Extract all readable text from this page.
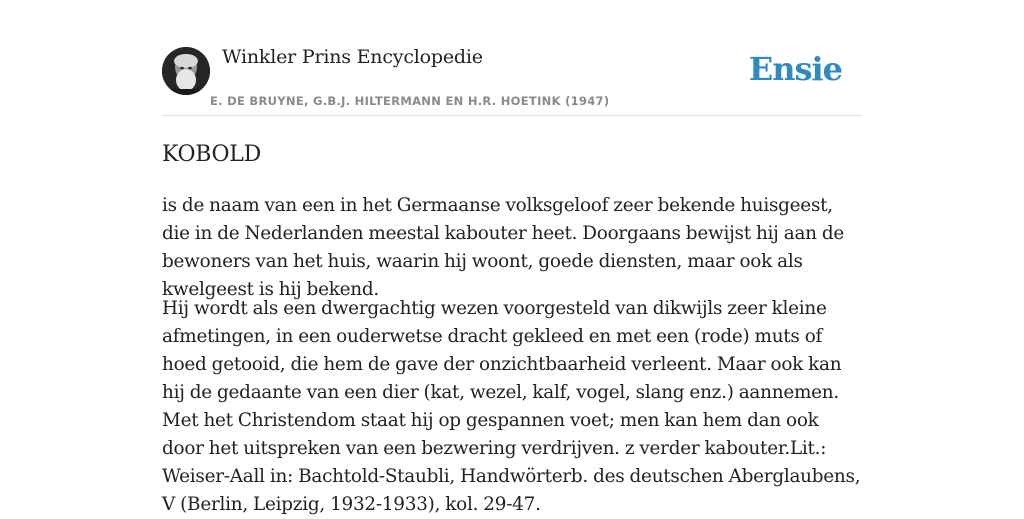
Winkler Prins Encyclopedie
E. DE BRUYNE, G.B.J. HILTERMANN EN H.R. HOETINK (1947)
Ensie
KOBOLD

is de naam van een in het Germaanse volksgeloof zeer bekende huisgeest, die in de Nederlanden meestal kabouter heet. Doorgaans bewijst hij aan de bewoners van het huis, waarin hij woont, goede diensten, maar ook als kwelgeest is hij bekend.

Hij wordt als een dwergachtig wezen voorgesteld van dikwijls zeer kleine afmetingen, in een ouderwetse dracht gekleed en met een (rode) muts of hoed getooid, die hem de gave der onzichtbaarheid verleent. Maar ook kan hij de gedaante van een dier (kat, wezel, kalf, vogel, slang enz.) aannemen. Met het Christendom staat hij op gespannen voet; men kan hem dan ook door het uitspreken van een bezwering verdrijven. z verder kabouter.Lit.: Weiser-Aall in: Bachtold-Staubli, Handwörterb. des deutschen Aberglaubens, V (Berlin, Leipzig, 1932-1933), kol. 29-47.
